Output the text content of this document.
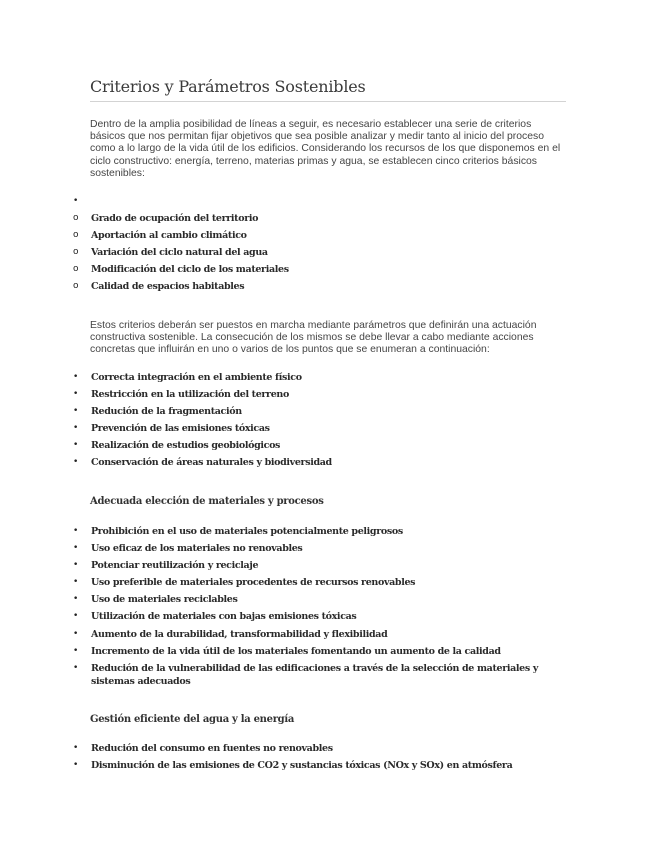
Criterios y Parámetros Sostenibles

Dentro de la amplia posibilidad de líneas a seguir, es necesario establecer una serie de criterios básicos que nos permitan fijar objetivos que sea posible analizar y medir tanto al inicio del proceso como a lo largo de la vida útil de los edificios. Considerando los recursos de los que disponemos en el ciclo constructivo: energía, terreno, materias primas y agua, se establecen cinco criterios básicos sostenibles:

•
o Grado de ocupación del territorio
o Aportación al cambio climático
o Variación del ciclo natural del agua
o Modificación del ciclo de los materiales
o Calidad de espacios habitables

Estos criterios deberán ser puestos en marcha mediante parámetros que definirán una actuación constructiva sostenible. La consecución de los mismos se debe llevar a cabo mediante acciones concretas que influirán en uno o varios de los puntos que se enumeran a continuación:

• Correcta integración en el ambiente físico
• Restricción en la utilización del terreno
• Redución de la fragmentación
• Prevención de las emisiones tóxicas
• Realización de estudios geobiológicos
• Conservación de áreas naturales y biodiversidad
Adecuada elección de materiales y procesos
• Prohibición en el uso de materiales potencialmente peligrosos
• Uso eficaz de los materiales no renovables
• Potenciar reutilización y reciclaje
• Uso preferible de materiales procedentes de recursos renovables
• Uso de materiales reciclables
• Utilización de materiales con bajas emisiones tóxicas
• Aumento de la durabilidad, transformabilidad y flexibilidad
• Incremento de la vida útil de los materiales fomentando un aumento de la calidad
• Redución de la vulnerabilidad de las edificaciones a través de la selección de materiales y sistemas adecuados
Gestión eficiente del agua y la energía
• Redución del consumo en fuentes no renovables
• Disminución de las emisiones de CO2 y sustancias tóxicas (NOx y SOx) en atmósfera
